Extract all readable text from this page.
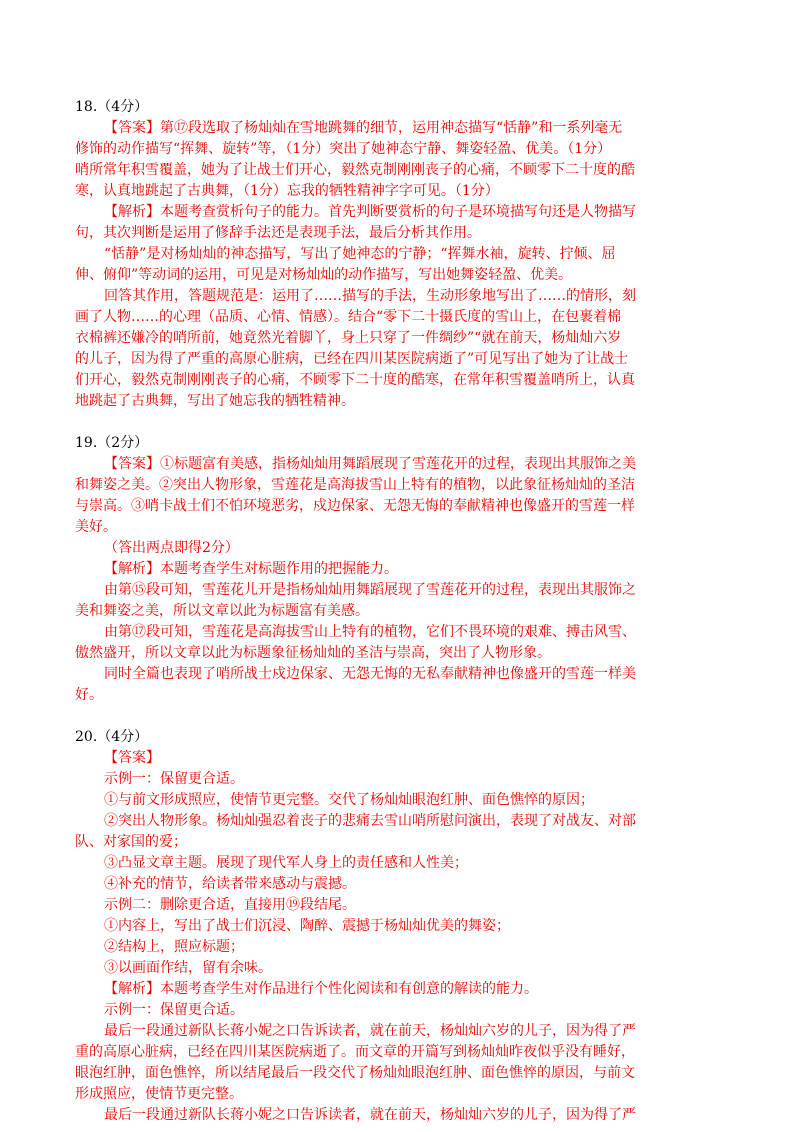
18.（4分）
【答案】第⑰段选取了杨灿灿在雪地跳舞的细节，运用神态描写“恬静”和一系列毫无
修饰的动作描写“挥舞、旋转”等，（1分）突出了她神态宁静、舞姿轻盈、优美。（1分）
哨所常年积雪覆盖，她为了让战士们开心，毅然克制刚刚丧子的心痛，不顾零下二十度的酷
寒，认真地跳起了古典舞，（1分）忘我的牺牲精神字字可见。（1分）
【解析】本题考查赏析句子的能力。首先判断要赏析的句子是环境描写句还是人物描写
句，其次判断是运用了修辞手法还是表现手法，最后分析其作用。
“恬静”是对杨灿灿的神态描写，写出了她神态的宁静；“挥舞水袖，旋转、拧倾、屈
伸、俯仰”等动词的运用，可见是对杨灿灿的动作描写，写出她舞姿轻盈、优美。
回答其作用，答题规范是：运用了……描写的手法，生动形象地写出了……的情形，刻
画了人物……的心理（品质、心情、情感）。结合“零下二十摄氏度的雪山上，在包裹着棉
衣棉裤还嫌冷的哨所前，她竟然光着脚丫，身上只穿了一件绸纱”“就在前天，杨灿灿六岁
的儿子，因为得了严重的高原心脏病，已经在四川某医院病逝了”可见写出了她为了让战士
们开心，毅然克制刚刚丧子的心痛，不顾零下二十度的酷寒，在常年积雪覆盖哨所上，认真
地跳起了古典舞，写出了她忘我的牺牲精神。
19.（2分）
【答案】①标题富有美感，指杨灿灿用舞蹈展现了雪莲花开的过程，表现出其服饰之美
和舞姿之美。②突出人物形象，雪莲花是高海拔雪山上特有的植物，以此象征杨灿灿的圣洁
与崇高。③哨卡战士们不怕环境恶劣，戍边保家、无怨无悔的奉献精神也像盛开的雪莲一样
美好。
（答出两点即得2分）
【解析】本题考查学生对标题作用的把握能力。
由第⑮段可知，雪莲花儿开是指杨灿灿用舞蹈展现了雪莲花开的过程，表现出其服饰之
美和舞姿之美，所以文章以此为标题富有美感。
由第⑰段可知，雪莲花是高海拔雪山上特有的植物，它们不畏环境的艰难、搏击风雪、
傲然盛开，所以文章以此为标题象征杨灿灿的圣洁与崇高，突出了人物形象。
同时全篇也表现了哨所战士戍边保家、无怨无悔的无私奉献精神也像盛开的雪莲一样美
好。
20.（4分）
【答案】
示例一：保留更合适。
①与前文形成照应，使情节更完整。交代了杨灿灿眼泡红肿、面色憔悴的原因；
②突出人物形象。杨灿灿强忍着丧子的悲痛去雪山哨所慰问演出，表现了对战友、对部
队、对家国的爱；
③凸显文章主题。展现了现代军人身上的责任感和人性美；
④补充的情节，给读者带来感动与震撼。
示例二：删除更合适，直接用⑲段结尾。
①内容上，写出了战士们沉浸、陶醉、震撼于杨灿灿优美的舞姿；
②结构上，照应标题；
③以画面作结，留有余味。
【解析】本题考查学生对作品进行个性化阅读和有创意的解读的能力。
示例一：保留更合适。
最后一段通过新队长蒋小妮之口告诉读者，就在前天，杨灿灿六岁的儿子，因为得了严
重的高原心脏病，已经在四川某医院病逝了。而文章的开篇写到杨灿灿昨夜似乎没有睡好，
眼泡红肿，面色憔悴，所以结尾最后一段交代了杨灿灿眼泡红肿、面色憔悴的原因，与前文
形成照应，使情节更完整。
最后一段通过新队长蒋小妮之口告诉读者，就在前天，杨灿灿六岁的儿子，因为得了严
